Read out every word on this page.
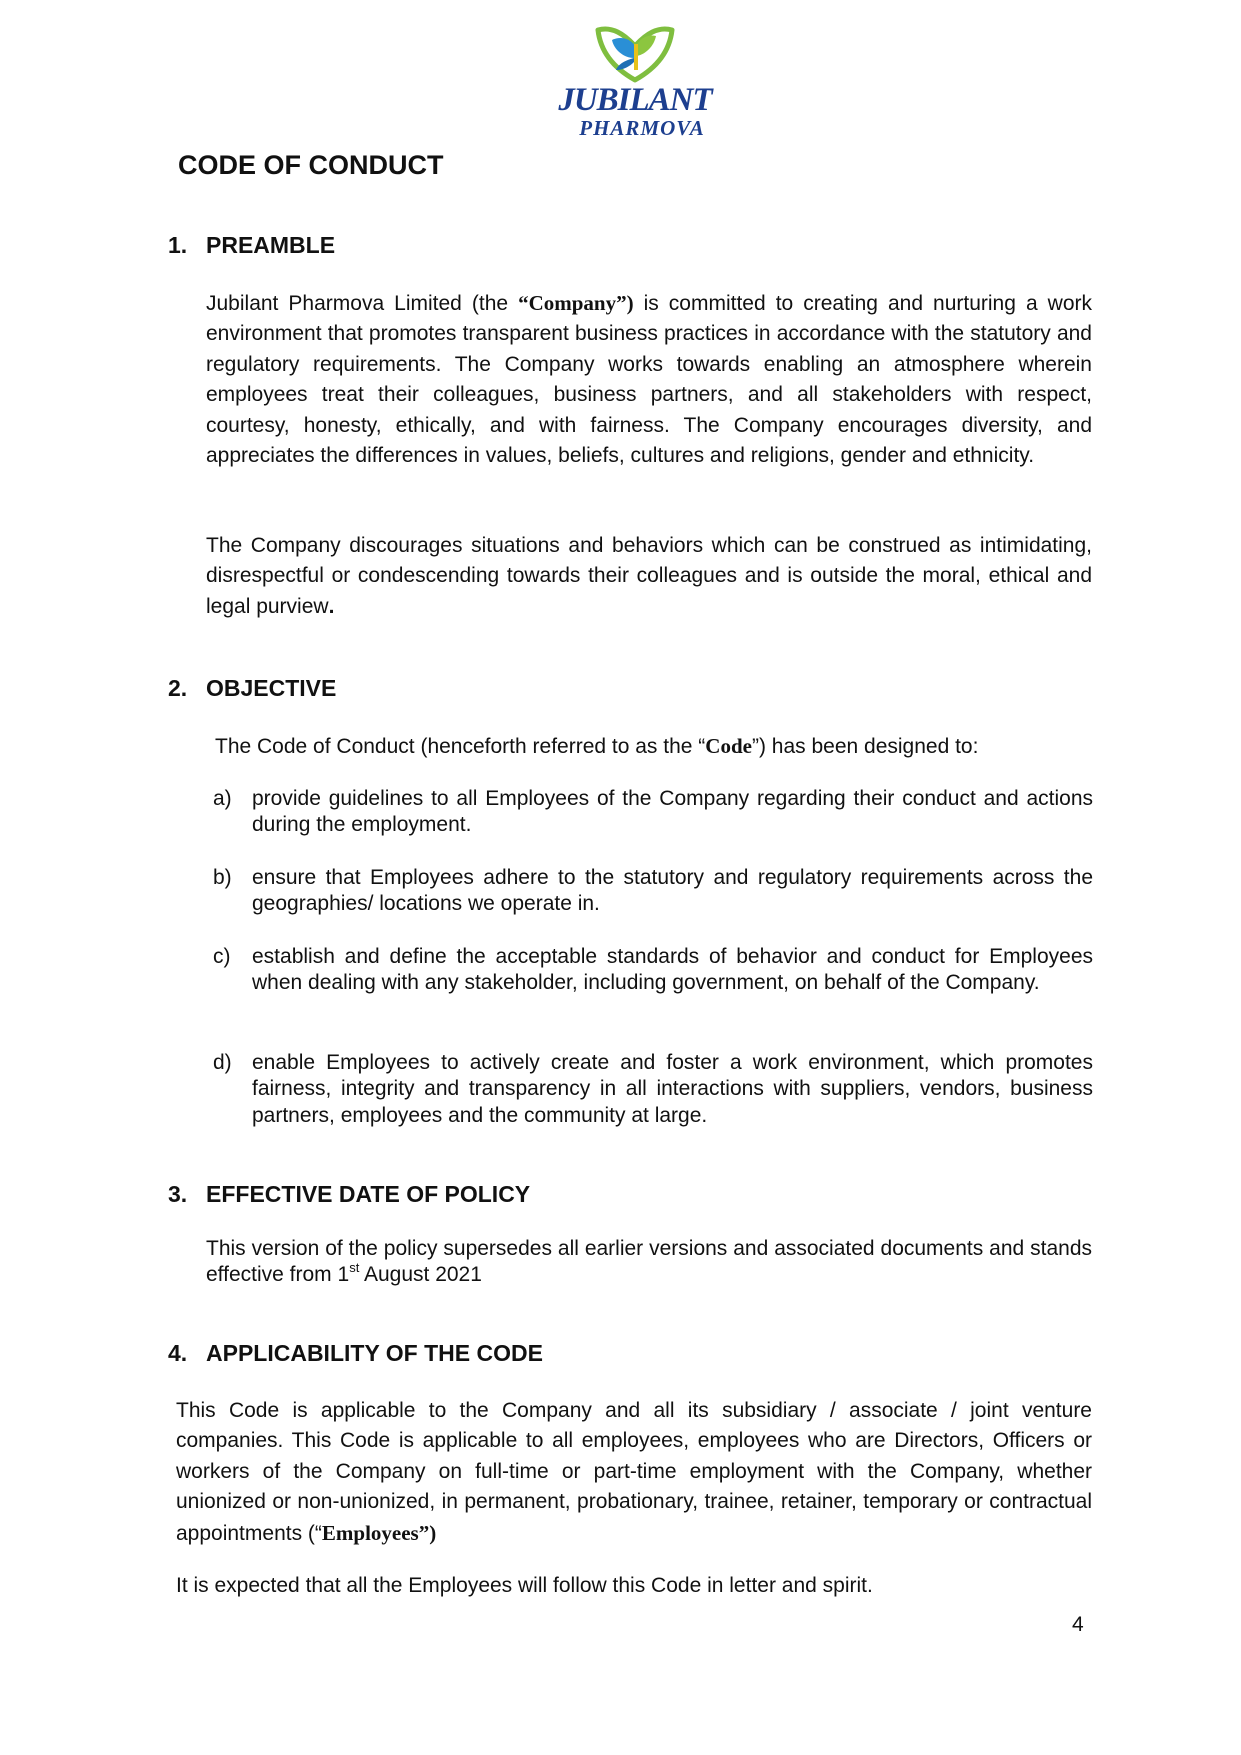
JUBILANT
PHARMOVA
CODE OF CONDUCT
1. PREAMBLE

Jubilant Pharmova Limited (the “Company”) is committed to creating and nurturing a work environment that promotes transparent business practices in accordance with the statutory and regulatory requirements. The Company works towards enabling an atmosphere wherein employees treat their colleagues, business partners, and all stakeholders with respect, courtesy, honesty, ethically, and with fairness. The Company encourages diversity, and appreciates the differences in values, beliefs, cultures and religions, gender and ethnicity.

The Company discourages situations and behaviors which can be construed as intimidating, disrespectful or condescending towards their colleagues and is outside the moral, ethical and legal purview.

2. OBJECTIVE

The Code of Conduct (henceforth referred to as the “Code”) has been designed to:

a) provide guidelines to all Employees of the Company regarding their conduct and actions during the employment.
b) ensure that Employees adhere to the statutory and regulatory requirements across the geographies/ locations we operate in.
c)	establish and define the acceptable standards of behavior and conduct for Employees when dealing with any stakeholder, including government, on behalf of the Company.
d) enable Employees to actively create and foster a work environment, which promotes fairness, integrity and transparency in all interactions with suppliers, vendors, business partners, employees and the community at large.
3. EFFECTIVE DATE OF POLICY

This version of the policy supersedes all earlier versions and associated documents and stands effective from 1st August 2021

4. APPLICABILITY OF THE CODE

This Code is applicable to the Company and all its subsidiary / associate / joint venture companies. This Code is applicable to all employees, employees who are Directors, Officers or workers of the Company on full-time or part-time employment with the Company, whether unionized or non-unionized, in permanent, probationary, trainee, retainer, temporary or contractual appointments (“Employees”)

It is expected that all the Employees will follow this Code in letter and spirit.

4
